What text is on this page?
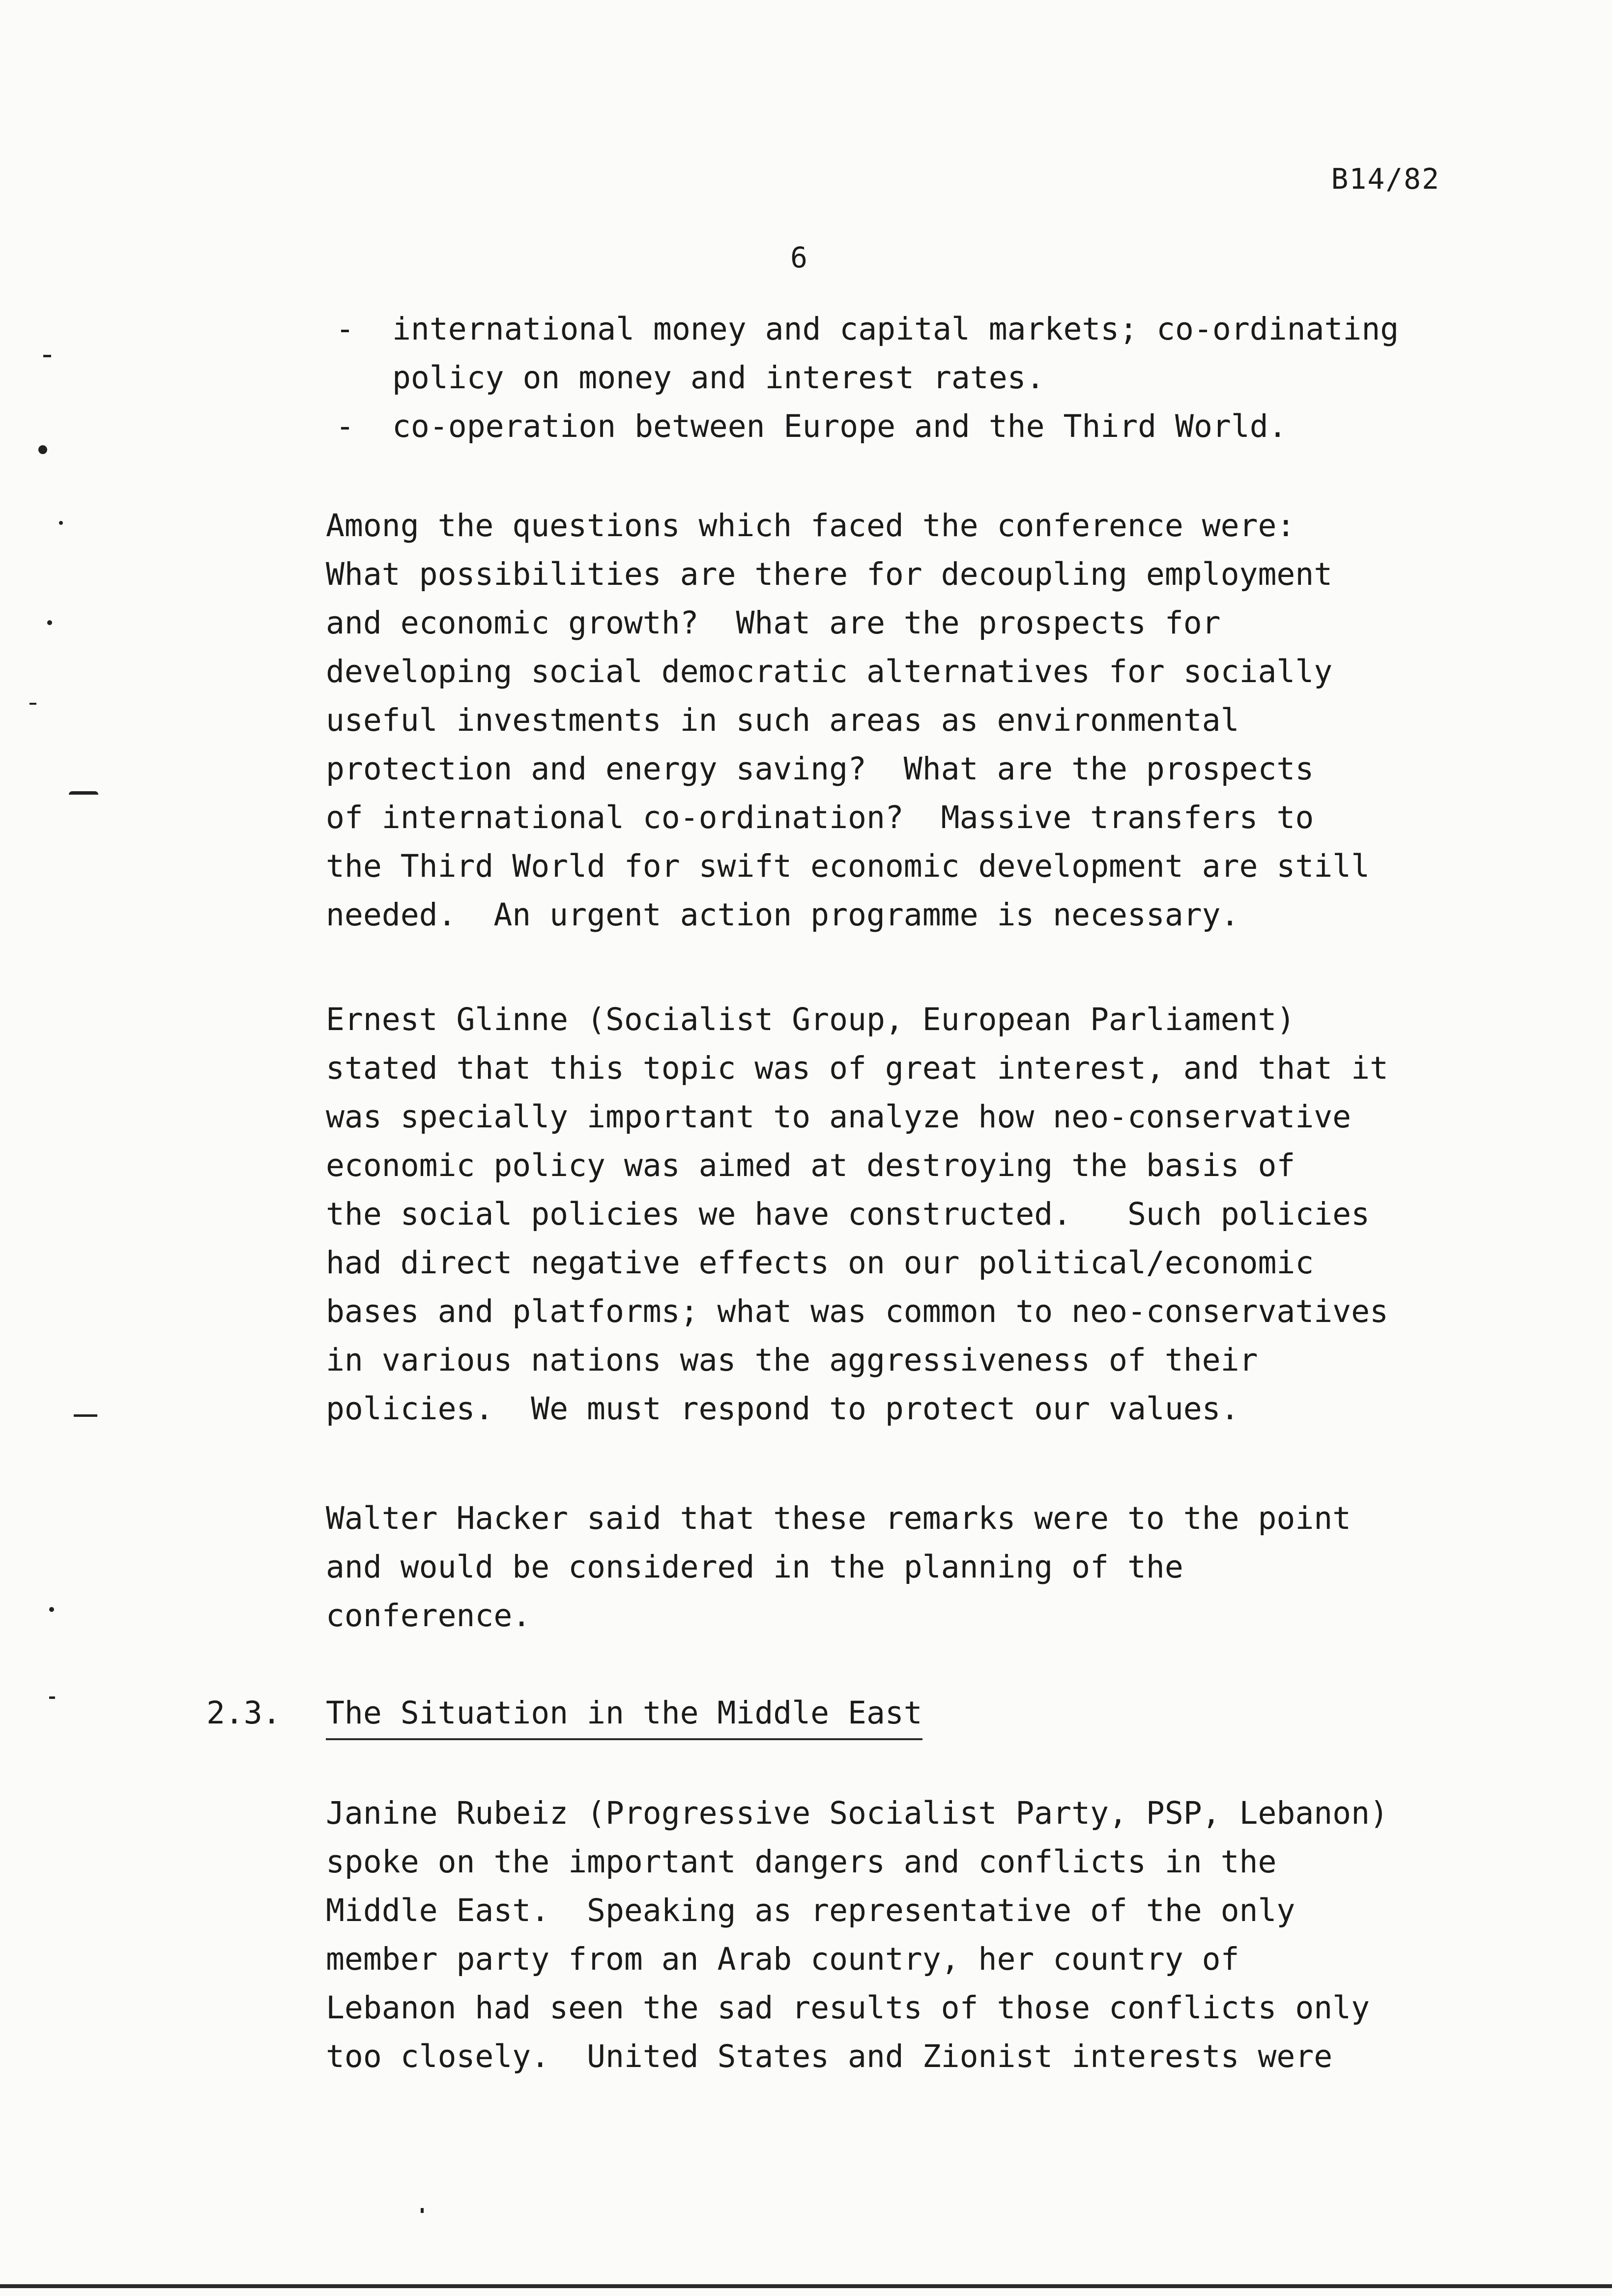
B14/82
6
- international money and capital markets; co-ordinating
policy on money and interest rates.
- co-operation between Europe and the Third World.
Among the questions which faced the conference were:
What possibilities are there for decoupling employment
and economic growth?  What are the prospects for
developing social democratic alternatives for socially
useful investments in such areas as environmental
protection and energy saving?  What are the prospects
of international co-ordination?  Massive transfers to
the Third World for swift economic development are still
needed.  An urgent action programme is necessary.
Ernest Glinne (Socialist Group, European Parliament)
stated that this topic was of great interest, and that it
was specially important to analyze how neo-conservative
economic policy was aimed at destroying the basis of
the social policies we have constructed.   Such policies
had direct negative effects on our political/economic
bases and platforms; what was common to neo-conservatives
in various nations was the aggressiveness of their
policies.  We must respond to protect our values.
Walter Hacker said that these remarks were to the point
and would be considered in the planning of the
conference.
2.3. The Situation in the Middle East
Janine Rubeiz (Progressive Socialist Party, PSP, Lebanon)
spoke on the important dangers and conflicts in the
Middle East.  Speaking as representative of the only
member party from an Arab country, her country of
Lebanon had seen the sad results of those conflicts only
too closely.  United States and Zionist interests were
